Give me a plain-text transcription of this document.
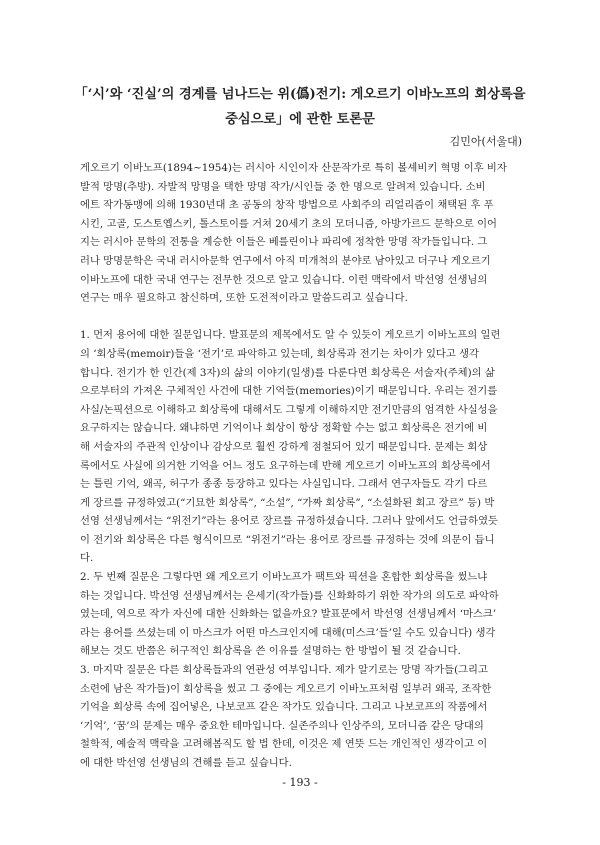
「‘시’와 ‘진실’의 경계를 넘나드는 위(僞)전기: 게오르기 이바노프의 회상록을
중심으로」에 관한 토론문

김민아(서울대)

게오르기 이바노프(1894~1954)는 러시아 시인이자 산문작가로 특히 볼셰비키 혁명 이후 비자
발적 망명(추방). 자발적 망명을 택한 망명 작가/시인들 중 한 명으로 알려져 있습니다. 소비
에트 작가동맹에 의해 1930년대 초 공동의 창작 방법으로 사회주의 리얼리즘이 채택된 후 푸
시킨, 고골, 도스토옙스키, 톨스토이를 거쳐 20세기 초의 모더니즘, 아방가르드 문학으로 이어
지는 러시아 문학의 전통을 계승한 이들은 베를린이나 파리에 정착한 망명 작가들입니다. 그
러나 망명문학은 국내 러시아문학 연구에서 아직 미개척의 분야로 남아있고 더구나 게오르기
이바노프에 대한 국내 연구는 전무한 것으로 알고 있습니다. 이런 맥락에서 박선영 선생님의
연구는 매우 필요하고 참신하며, 또한 도전적이라고 말씀드리고 싶습니다.

1. 먼저 용어에 대한 질문입니다. 발표문의 제목에서도 알 수 있듯이 게오르기 이바노프의 일련
의 ‘회상록(memoir)들을 ‘전기’로 파악하고 있는데, 회상록과 전기는 차이가 있다고 생각
합니다. 전기가 한 인간(제 3자)의 삶의 이야기(일생)를 다룬다면 회상록은 서술자(주체)의 삶
으로부터의 가져온 구체적인 사건에 대한 기억들(memories)이기 때문입니다. 우리는 전기를
사실/논픽션으로 이해하고 회상록에 대해서도 그렇게 이해하지만 전기만큼의 엄격한 사실성을
요구하지는 않습니다. 왜냐하면 기억이나 회상이 항상 정확할 수는 없고 회상록은 전기에 비
해 서술자의 주관적 인상이나 감상으로 훨씬 강하게 점철되어 있기 때문입니다. 문제는 회상
록에서도 사실에 의거한 기억을 어느 정도 요구하는데 반해 게오르기 이바노프의 회상록에서
는 틀린 기억, 왜곡, 허구가 종종 등장하고 있다는 사실입니다. 그래서 연구자들도 각기 다르
게 장르를 규정하였고(“기묘한 회상록”, “소설”, “가짜 회상록”, “소설화된 회고 장르” 등) 박
선영 선생님께서는 “위전기”라는 용어로 장르를 규정하셨습니다. 그러나 앞에서도 언급하였듯
이 전기와 회상록은 다른 형식이므로 “위전기”라는 용어로 장르를 규정하는 것에 의문이 듭니
다.

2. 두 번째 질문은 그렇다면 왜 게오르기 이바노프가 팩트와 픽션을 혼합한 회상록을 썼느냐
하는 것입니다. 박선영 선생님께서는 은세기(작가들)를 신화화하기 위한 작가의 의도로 파악하
였는데, 역으로 작가 자신에 대한 신화화는 없을까요? 발표문에서 박선영 선생님께서 ‘마스크’
라는 용어를 쓰셨는데 이 마스크가 어떤 마스크인지에 대해(미스크’들’일 수도 있습니다) 생각
해보는 것도 반쯤은 허구적인 회상록을 쓴 이유를 설명하는 한 방법이 될 것 같습니다.

3. 마지막 질문은 다른 회상록들과의 연관성 여부입니다. 제가 알기로는 망명 작가들(그리고
소련에 남은 작가들)이 회상록을 썼고 그 중에는 게오르기 이바노프처럼 일부러 왜곡, 조작한
기억을 회상록 속에 집어넣은, 나보코프 같은 작가도 있습니다. 그리고 나보코프의 작품에서
‘기억’, ‘꿈’의 문제는 매우 중요한 테마입니다. 실존주의나 인상주의, 모더니즘 같은 당대의
철학적, 예술적 맥락을 고려해봄직도 할 법 한데, 이것은 제 연뜻 드는 개인적인 생각이고 이
에 대한 박선영 선생님의 견해를 듣고 싶습니다.

- 193 -
